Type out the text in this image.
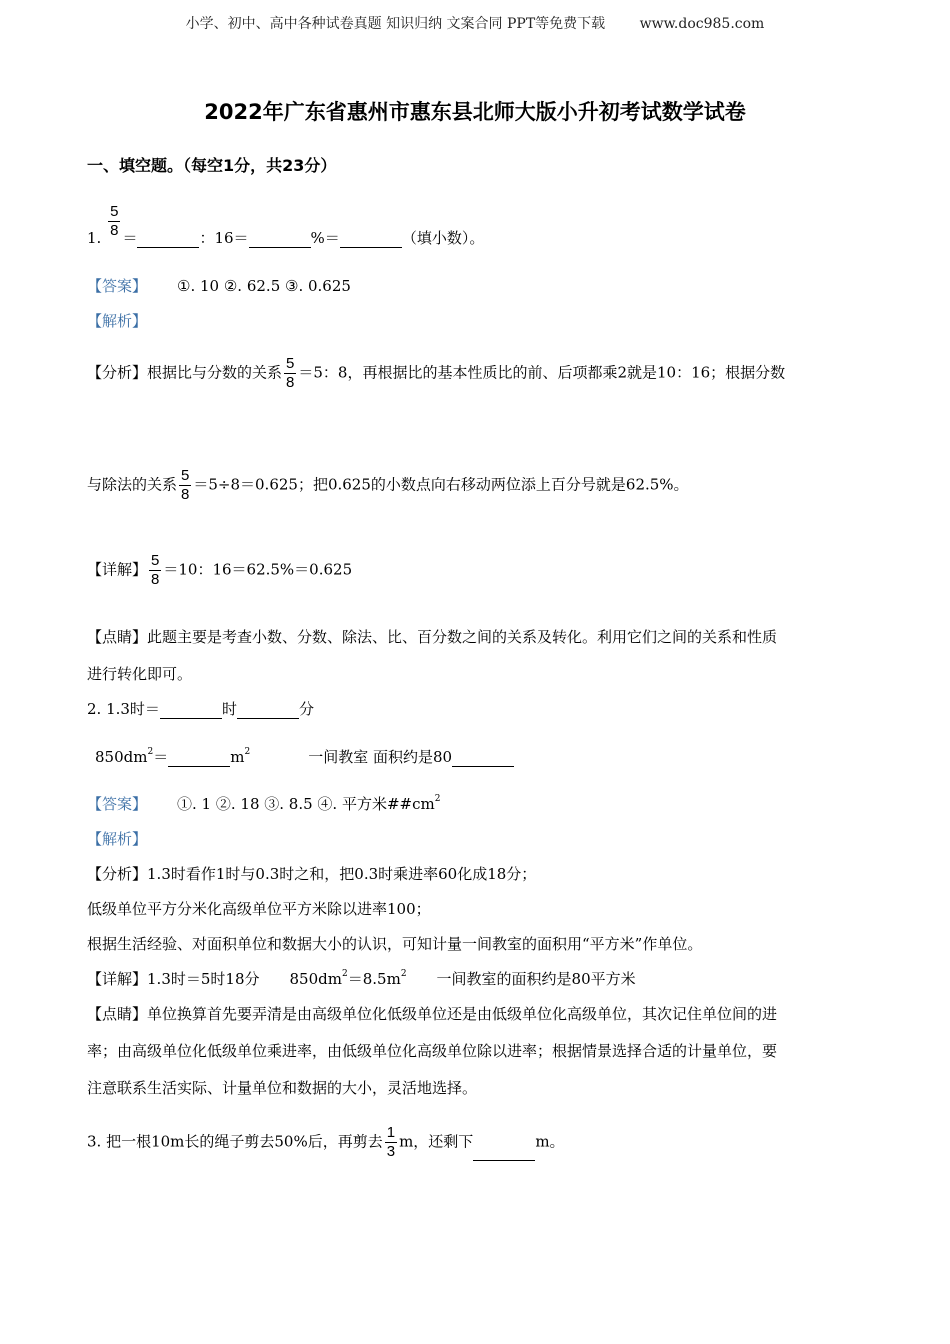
小学、初中、高中各种试卷真题 知识归纳 文案合同 PPT等免费下载 www.doc985.com
2022年广东省惠州市惠东县北师大版小升初考试数学试卷
一、填空题。（每空1分，共23分）
1. $\frac{5}{8}$ ＝	：16＝	%＝	（填小数）。
【答案】 ①. 10 ②. 62.5 ③. 0.625
【解析】
【分析】根据比与分数的关系 $\frac{5}{8} =5$：8，再根据比的基本性质比的前、后项都乘2就是10：16；根据分数
与除法的关系 $\frac{5}{8} =5\div 8=0.625$；把0.625的小数点向右移动两位添上百分号就是62.5%。
【详解】 $\frac{5}{8} =10$：16＝62.5%＝0.625
【点睛】此题主要是考查小数、分数、除法、比、百分数之间的关系及转化。利用它们之间的关系和性质
进行转化即可。
2. 1.3时＝	时	分
$850dm^2=$	$m^2$	一间教室 面积约是80
【答案】 ①. 1 ②. 18 ③. 8.5 ④. 平方米$\#\#cm^2$
【解析】
【分析】1.3时看作1时与0.3时之和，把0.3时乘进率60化成18分；
低级单位平方分米化高级单位平方米除以进率100；
根据生活经验、对面积单位和数据大小的认识，可知计量一间教室的面积用“平方米”作单位。
【详解】1.3时＝5时18分 $850dm^2=8.5m^2$ 一间教室的面积约是80平方米
【点睛】单位换算首先要弄清是由高级单位化低级单位还是由低级单位化高级单位，其次记住单位间的进
率；由高级单位化低级单位乘进率，由低级单位化高级单位除以进率；根据情景选择合适的计量单位，要
注意联系生活实际、计量单位和数据的大小，灵活地选择。
3. 把一根10m长的绳子剪去50%后，再剪去 $\frac{1}{3}$ m，还剩下	m。
